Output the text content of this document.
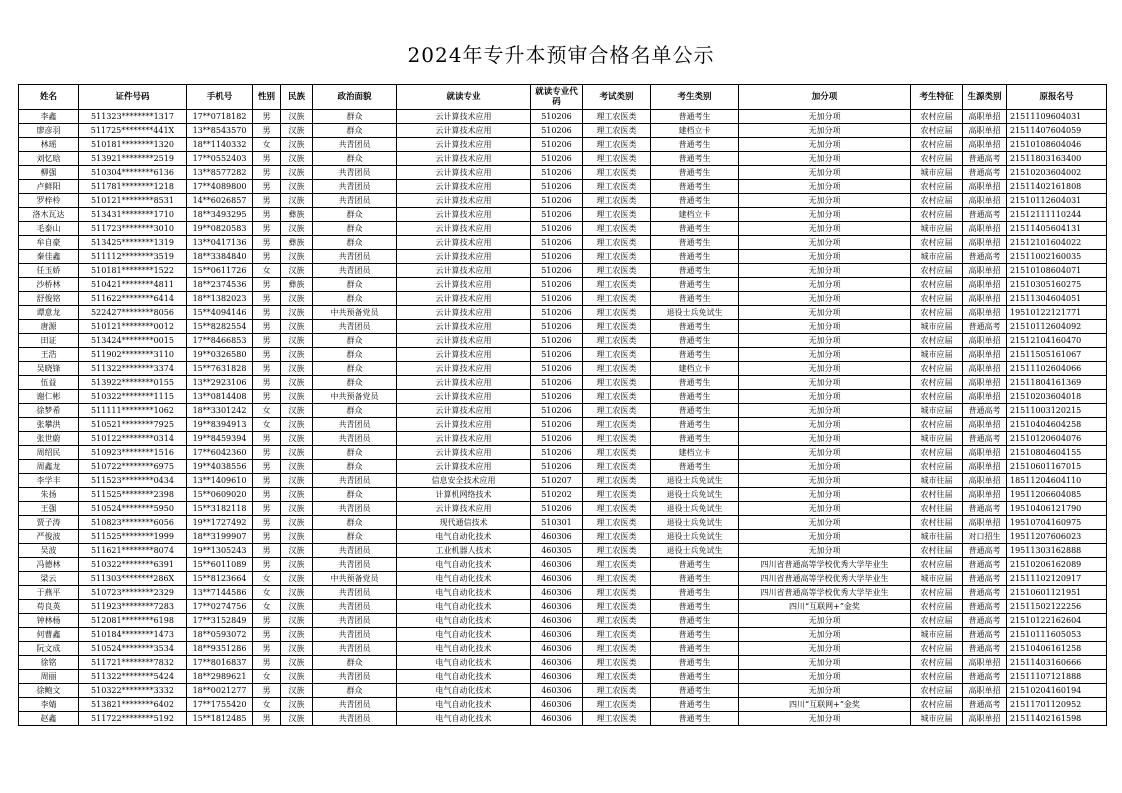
2024年专升本预审合格名单公示
姓名	证件号码	手机号	性别	民族	政治面貌	就读专业	就读专业代码	考试类别	考生类别	加分项	考生特征	生源类别	原报名号
李鑫	511323********1317	17**0718182	男	汉族	群众	云计算技术应用	510206	理工农医类	普通考生	无加分项	农村应届	高职单招	21511109604031
廖彦羽	511725********441X	13**8543570	男	汉族	群众	云计算技术应用	510206	理工农医类	建档立卡	无加分项	农村应届	高职单招	21511407604059
林瑶	510181********1320	18**1140332	女	汉族	共青团员	云计算技术应用	510206	理工农医类	普通考生	无加分项	农村应届	高职单招	21510108604046
刘忆晗	513921********2519	17**0552403	男	汉族	群众	云计算技术应用	510206	理工农医类	普通考生	无加分项	农村应届	普通高考	21511803163400
柳强	510304********6136	13**8577282	男	汉族	共青团员	云计算技术应用	510206	理工农医类	普通考生	无加分项	城市应届	普通高考	21510203604002
卢鲜阳	511781********1218	17**4089800	男	汉族	共青团员	云计算技术应用	510206	理工农医类	普通考生	无加分项	农村应届	高职单招	21511402161808
罗梓柃	510121********8531	14**6026857	男	汉族	共青团员	云计算技术应用	510206	理工农医类	普通考生	无加分项	农村应届	高职单招	21510112604031
洛木瓦达	513431********1710	18**3493295	男	彝族	群众	云计算技术应用	510206	理工农医类	建档立卡	无加分项	农村应届	普通高考	21512111110244
毛泰山	511723********3010	19**0820583	男	汉族	群众	云计算技术应用	510206	理工农医类	普通考生	无加分项	城市应届	高职单招	21511405604131
牟自豪	513425********1319	13**0417136	男	彝族	群众	云计算技术应用	510206	理工农医类	普通考生	无加分项	农村应届	高职单招	21512101604022
秦佳鑫	511112********3519	18**3384840	男	汉族	共青团员	云计算技术应用	510206	理工农医类	普通考生	无加分项	城市应届	普通高考	21511002160035
任玉娇	510181********1522	15**0611726	女	汉族	共青团员	云计算技术应用	510206	理工农医类	普通考生	无加分项	农村应届	高职单招	21510108604071
沙桥林	510421********4811	18**2374536	男	彝族	群众	云计算技术应用	510206	理工农医类	普通考生	无加分项	农村应届	高职单招	21510305160275
舒俊铭	511622********6414	18**1382023	男	汉族	群众	云计算技术应用	510206	理工农医类	普通考生	无加分项	农村应届	高职单招	21511304604051
谭意龙	522427********8056	15**4094146	男	汉族	中共预备党员	云计算技术应用	510206	理工农医类	退役士兵免试生	无加分项	农村应届	高职单招	19510122121771
唐源	510121********0012	15**8282554	男	汉族	共青团员	云计算技术应用	510206	理工农医类	普通考生	无加分项	城市应届	普通高考	21510112604092
田证	513424********0015	17**8466853	男	汉族	群众	云计算技术应用	510206	理工农医类	普通考生	无加分项	农村应届	高职单招	21512104160470
王浩	511902********3110	19**0326580	男	汉族	群众	云计算技术应用	510206	理工农医类	普通考生	无加分项	城市应届	高职单招	21511505161067
吴晓锋	511322********3374	15**7631828	男	汉族	群众	云计算技术应用	510206	理工农医类	建档立卡	无加分项	农村应届	高职单招	21511102604066
伍益	513922********0155	13**2923106	男	汉族	群众	云计算技术应用	510206	理工农医类	普通考生	无加分项	农村应届	高职单招	21511804161369
谢仁彬	510322********1115	13**0814408	男	汉族	中共预备党员	云计算技术应用	510206	理工农医类	普通考生	无加分项	农村应届	高职单招	21510203604018
徐梦希	511111********1062	18**3301242	女	汉族	群众	云计算技术应用	510206	理工农医类	普通考生	无加分项	城市应届	普通高考	21511003120215
张攀洪	510521********7925	19**8394913	女	汉族	共青团员	云计算技术应用	510206	理工农医类	普通考生	无加分项	农村应届	高职单招	21510404604258
张世蔚	510122********0314	19**8459394	男	汉族	共青团员	云计算技术应用	510206	理工农医类	普通考生	无加分项	城市应届	普通高考	21510120604076
周绍民	510923********1516	17**6042360	男	汉族	群众	云计算技术应用	510206	理工农医类	建档立卡	无加分项	农村应届	高职单招	21510804604155
周鑫龙	510722********6975	19**4038556	男	汉族	群众	云计算技术应用	510206	理工农医类	普通考生	无加分项	农村应届	高职单招	21510601167015
李学丰	511523********0434	13**1409610	男	汉族	共青团员	信息安全技术应用	510207	理工农医类	退役士兵免试生	无加分项	城市往届	高职单招	18511204604110
朱扬	511525********2398	15**0609020	男	汉族	群众	计算机网络技术	510202	理工农医类	退役士兵免试生	无加分项	农村往届	高职单招	19511206604085
王强	510524********5950	15**3182118	男	汉族	共青团员	云计算技术应用	510206	理工农医类	退役士兵免试生	无加分项	农村往届	普通高考	19510406121790
贾子涛	510823********6056	19**1727492	男	汉族	群众	现代通信技术	510301	理工农医类	退役士兵免试生	无加分项	农村往届	高职单招	19510704160975
严俊波	511525********1999	18**3199907	男	汉族	群众	电气自动化技术	460306	理工农医类	退役士兵免试生	无加分项	城市往届	对口招生	19511207606023
吴波	511621********8074	19**1305243	男	汉族	共青团员	工业机器人技术	460305	理工农医类	退役士兵免试生	无加分项	农村往届	普通高考	19511303162888
冯德林	510322********6391	15**6011089	男	汉族	共青团员	电气自动化技术	460306	理工农医类	普通考生	四川省普通高等学校优秀大学毕业生	农村应届	普通高考	21510206162089
梁云	511303********286X	15**8123664	女	汉族	中共预备党员	电气自动化技术	460306	理工农医类	普通考生	四川省普通高等学校优秀大学毕业生	城市应届	普通高考	21511102120917
于燕平	510723********2329	13**7144586	女	汉族	共青团员	电气自动化技术	460306	理工农医类	普通考生	四川省普通高等学校优秀大学毕业生	农村应届	普通高考	21510601121951
苟良英	511923********7283	17**0274756	女	汉族	共青团员	电气自动化技术	460306	理工农医类	普通考生	四川“互联网+”金奖	农村应届	普通高考	21511502122256
钟林杨	512081********6198	17**3152849	男	汉族	共青团员	电气自动化技术	460306	理工农医类	普通考生	无加分项	农村应届	普通高考	21510122162604
何曹鑫	510184********1473	18**0593072	男	汉族	共青团员	电气自动化技术	460306	理工农医类	普通考生	无加分项	城市应届	普通高考	21510111605053
阮文成	510524********3534	18**9351286	男	汉族	共青团员	电气自动化技术	460306	理工农医类	普通考生	无加分项	农村应届	普通高考	21510406161258
徐铭	511721********7832	17**8016837	男	汉族	群众	电气自动化技术	460306	理工农医类	普通考生	无加分项	农村应届	高职单招	21511403160666
周丽	511322********5424	18**2989621	女	汉族	共青团员	电气自动化技术	460306	理工农医类	普通考生	无加分项	农村应届	普通高考	21511107121888
徐鲍文	510322********3332	18**0021277	男	汉族	群众	电气自动化技术	460306	理工农医类	普通考生	无加分项	农村应届	高职单招	21510204160194
李婧	513821********6402	17**1755420	女	汉族	共青团员	电气自动化技术	460306	理工农医类	普通考生	四川“互联网+”金奖	农村应届	普通高考	21511701120952
赵鑫	511722********5192	15**1812485	男	汉族	共青团员	电气自动化技术	460306	理工农医类	普通考生	无加分项	城市应届	高职单招	21511402161598
